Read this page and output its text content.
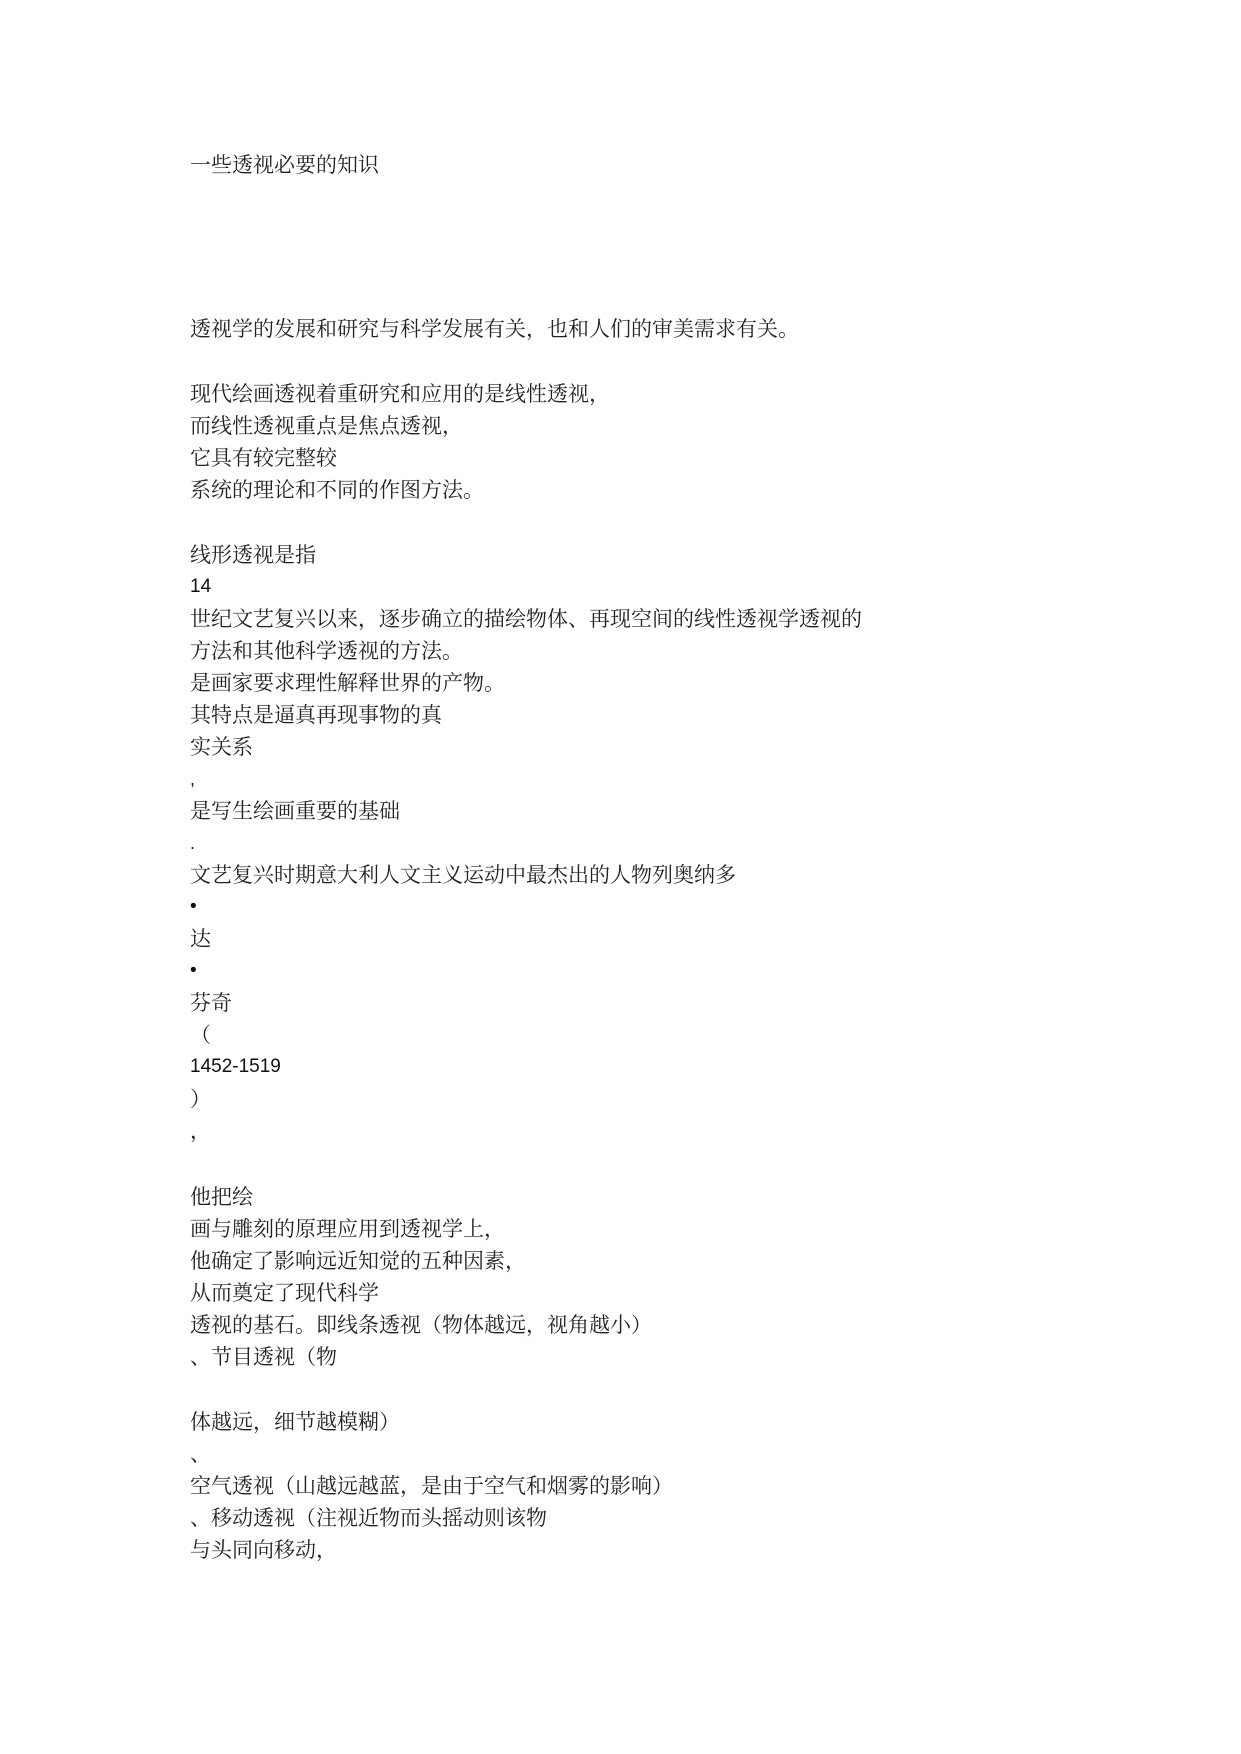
一些透视必要的知识
透视学的发展和研究与科学发展有关，也和人们的审美需求有关。
现代绘画透视着重研究和应用的是线性透视，
而线性透视重点是焦点透视，
它具有较完整较
系统的理论和不同的作图方法。
线形透视是指
14
世纪文艺复兴以来，逐步确立的描绘物体、再现空间的线性透视学透视的
方法和其他科学透视的方法。
是画家要求理性解释世界的产物。
其特点是逼真再现事物的真
实关系
,
是写生绘画重要的基础
.
文艺复兴时期意大利人文主义运动中最杰出的人物列奥纳多
•
达
•
芬奇
（
1452-1519
）
，
他把绘
画与雕刻的原理应用到透视学上，
他确定了影响远近知觉的五种因素，
从而奠定了现代科学
透视的基石。即线条透视（物体越远，视角越小）
、节目透视（物
体越远，细节越模糊）
、
空气透视（山越远越蓝，是由于空气和烟雾的影响）
、移动透视（注视近物而头摇动则该物
与头同向移动，
